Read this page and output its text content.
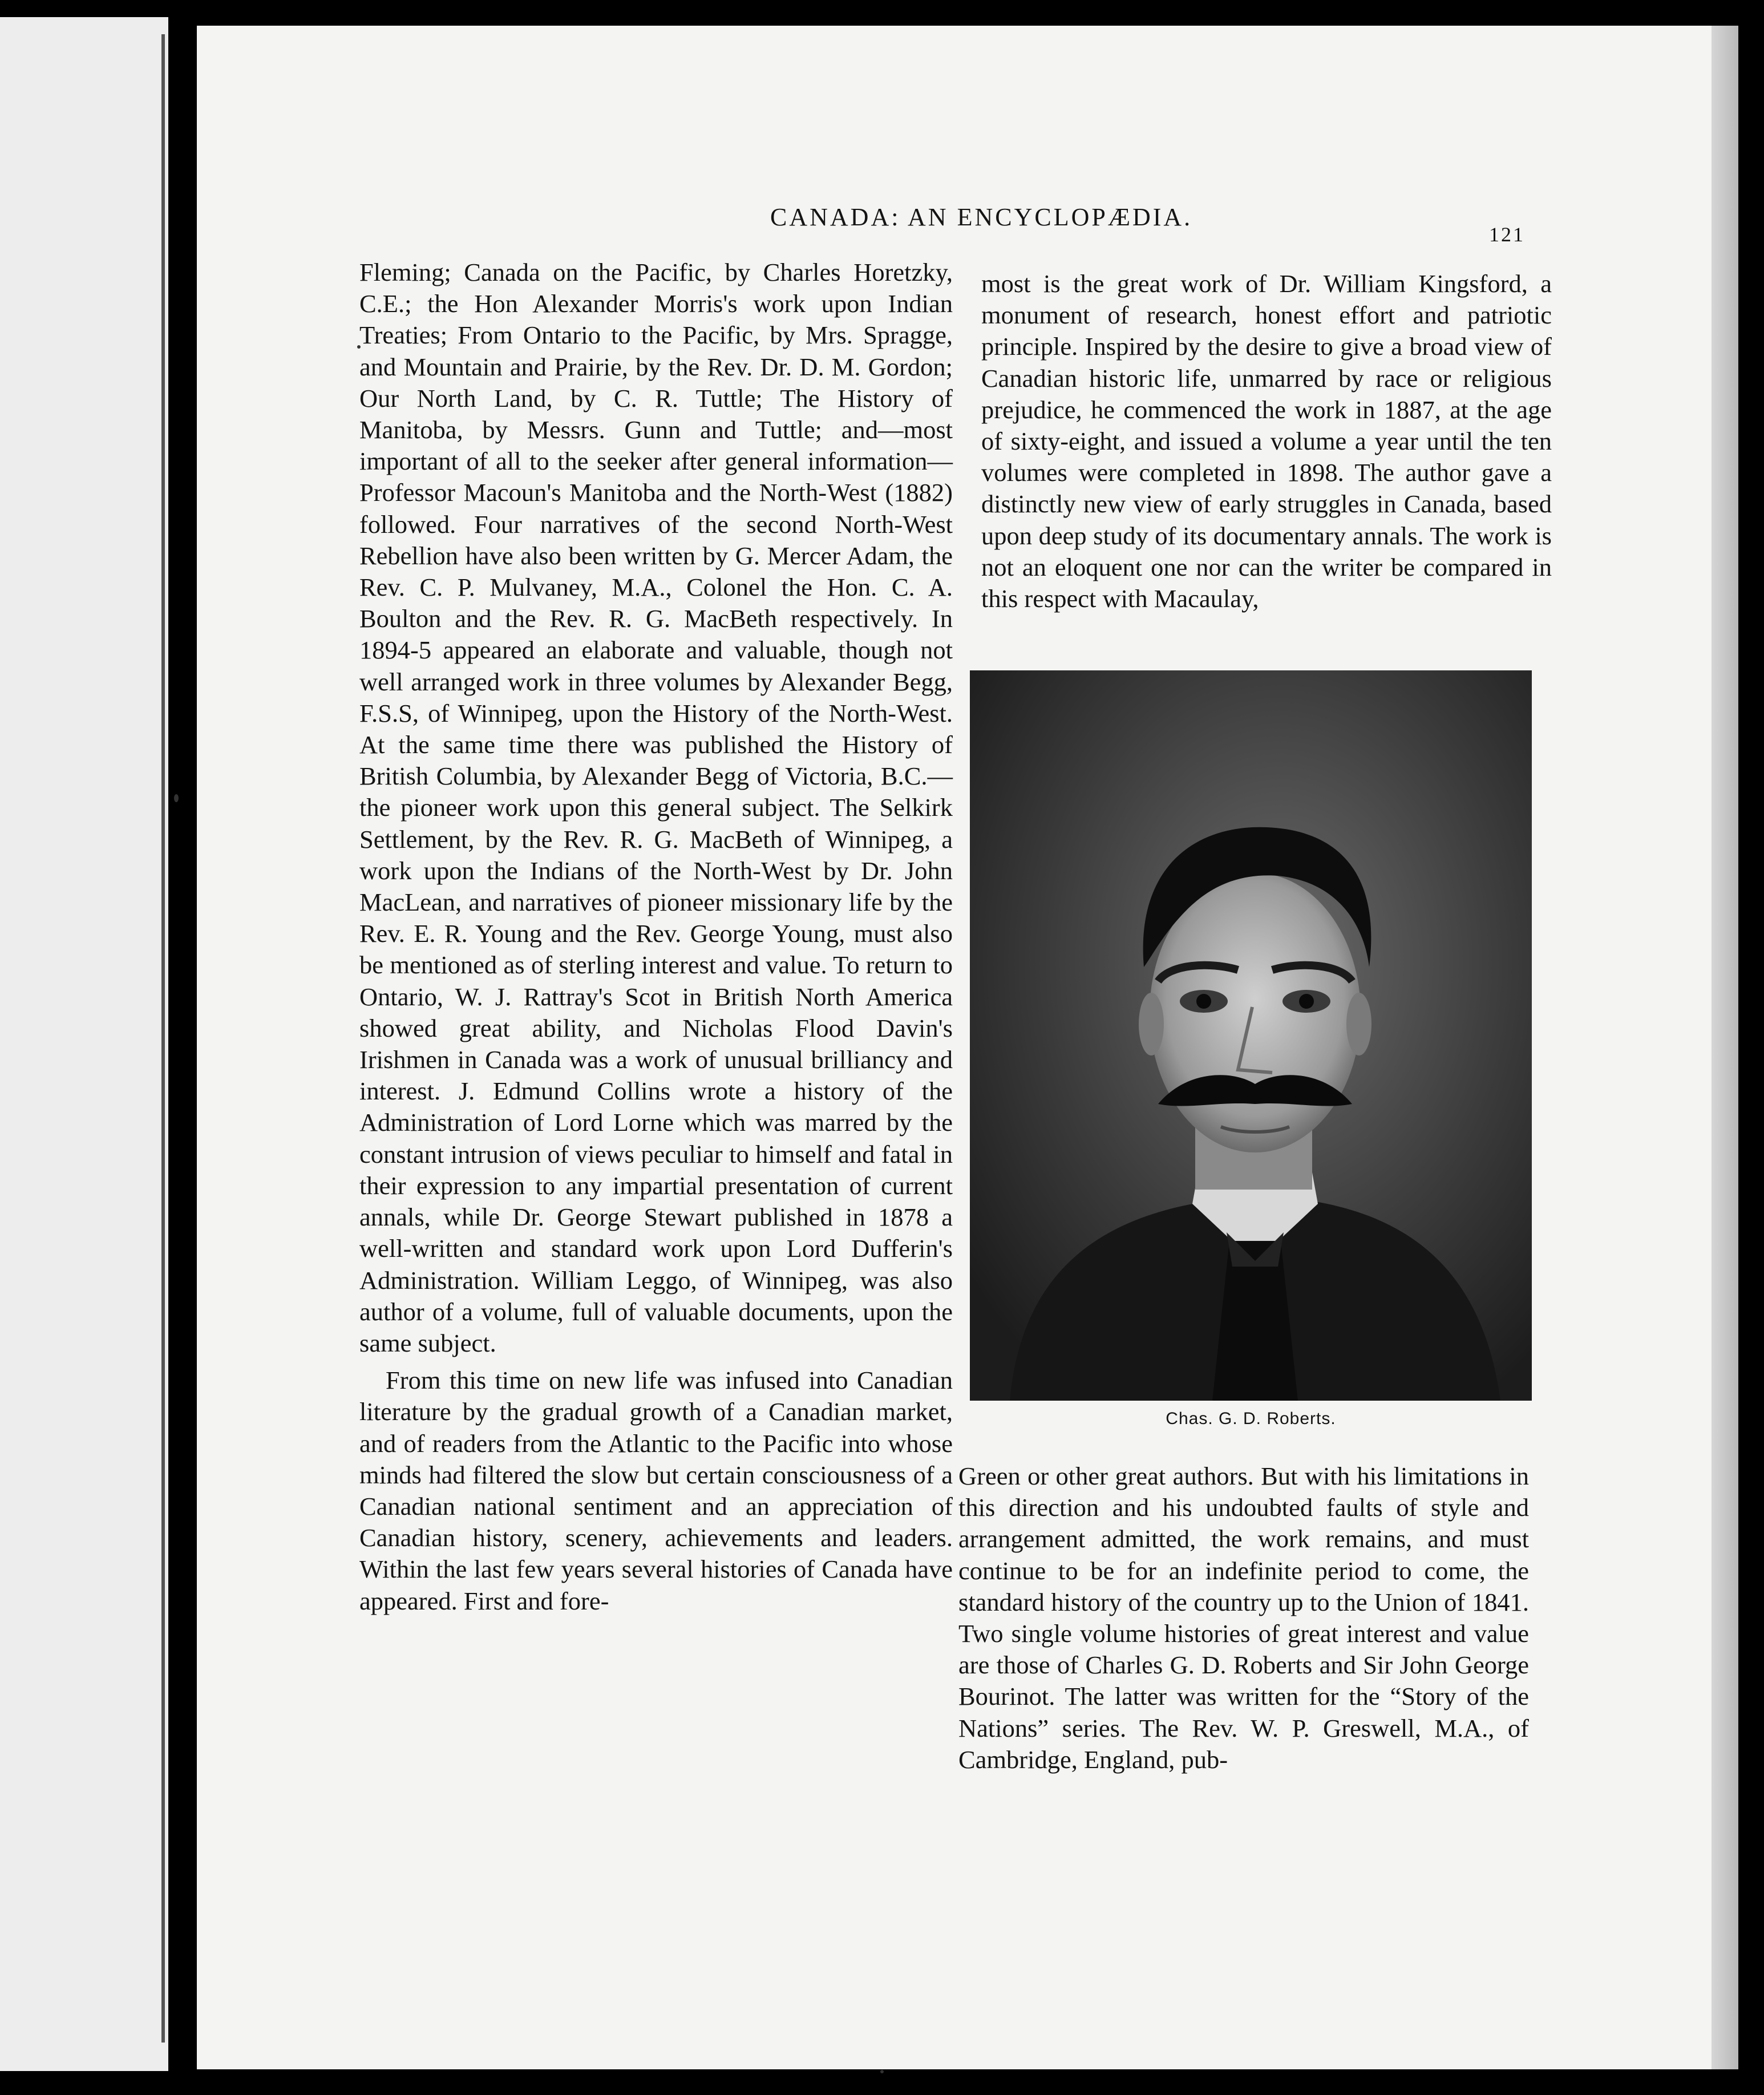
CANADA: AN ENCYCLOPÆDIA.
121

Fleming; Canada on the Pacific, by Charles Horetzky, C.E.; the Hon Alexander Morris's work upon Indian Treaties; From Ontario to the Pacific, by Mrs. Spragge, and Mountain and Prairie, by the Rev. Dr. D. M. Gordon; Our North Land, by C. R. Tuttle; The History of Manitoba, by Messrs. Gunn and Tuttle; and—most important of all to the seeker after general information—Professor Macoun's Manitoba and the North-West (1882) followed. Four narratives of the second North-West Rebellion have also been written by G. Mercer Adam, the Rev. C. P. Mulvaney, M.A., Colonel the Hon. C. A. Boulton and the Rev. R. G. MacBeth respectively. In 1894-5 appeared an elaborate and valuable, though not well arranged work in three volumes by Alexander Begg, F.S.S, of Winnipeg, upon the History of the North-West. At the same time there was published the History of British Columbia, by Alexander Begg of Victoria, B.C.—the pioneer work upon this general subject. The Selkirk Settlement, by the Rev. R. G. MacBeth of Winnipeg, a work upon the Indians of the North-West by Dr. John MacLean, and narratives of pioneer missionary life by the Rev. E. R. Young and the Rev. George Young, must also be mentioned as of sterling interest and value. To return to Ontario, W. J. Rattray's Scot in British North America showed great ability, and Nicholas Flood Davin's Irishmen in Canada was a work of unusual brilliancy and interest. J. Edmund Collins wrote a history of the Administration of Lord Lorne which was marred by the constant intrusion of views peculiar to himself and fatal in their expression to any impartial presentation of current annals, while Dr. George Stewart published in 1878 a well-written and standard work upon Lord Dufferin's Administration. William Leggo, of Winnipeg, was also author of a volume, full of valuable documents, upon the same subject.

From this time on new life was infused into Canadian literature by the gradual growth of a Canadian market, and of readers from the Atlantic to the Pacific into whose minds had filtered the slow but certain consciousness of a Canadian national sentiment and an appreciation of Canadian history, scenery, achievements and leaders. Within the last few years several histories of Canada have appeared. First and fore-

most is the great work of Dr. William Kingsford, a monument of research, honest effort and patriotic principle. Inspired by the desire to give a broad view of Canadian historic life, unmarred by race or religious prejudice, he commenced the work in 1887, at the age of sixty-eight, and issued a volume a year until the ten volumes were completed in 1898. The author gave a distinctly new view of early struggles in Canada, based upon deep study of its documentary annals. The work is not an eloquent one nor can the writer be compared in this respect with Macaulay,

Chas. G. D. Roberts.

Green or other great authors. But with his limitations in this direction and his undoubted faults of style and arrangement admitted, the work remains, and must continue to be for an indefinite period to come, the standard history of the country up to the Union of 1841. Two single volume histories of great interest and value are those of Charles G. D. Roberts and Sir John George Bourinot. The latter was written for the “Story of the Nations” series. The Rev. W. P. Greswell, M.A., of Cambridge, England, pub-
